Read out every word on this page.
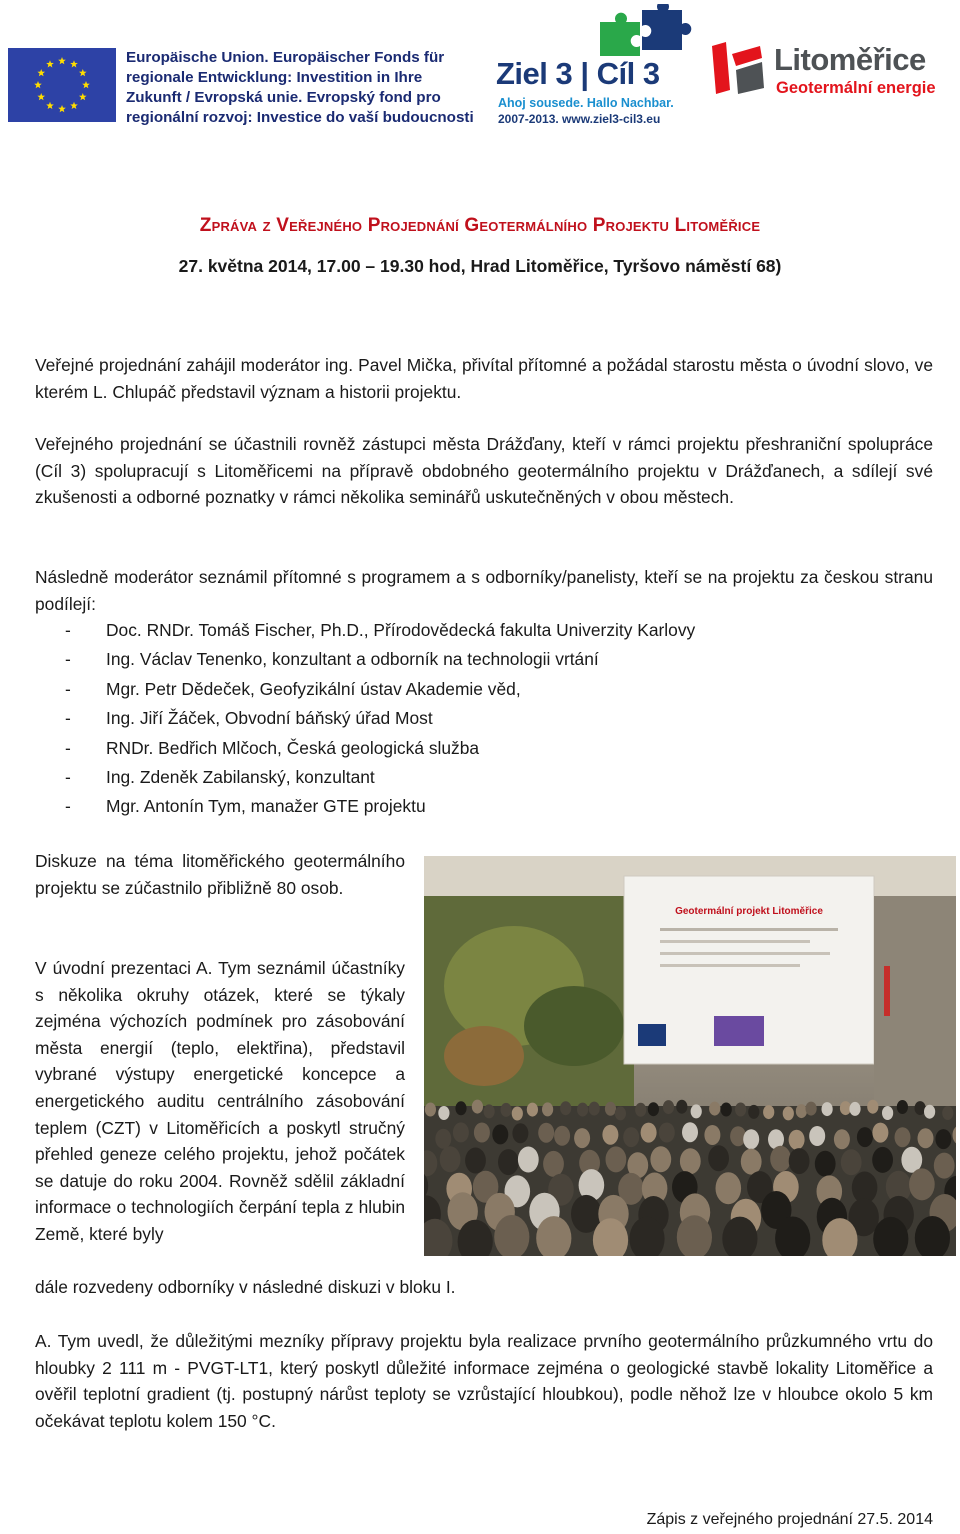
Europäische Union. Europäischer Fonds für
regionale Entwicklung: Investition in Ihre
Zukunft / Evropská unie. Evropský fond pro
regionální rozvoj: Investice do vaší budoucnosti
Ziel 3 | Cíl 3
Ahoj sousede. Hallo Nachbar.
2007-2013. www.ziel3-cil3.eu
Litoměřice
Geotermální energie
Zpráva z Veřejného Projednání Geotermálního Projektu Litoměřice
27. května 2014, 17.00 – 19.30 hod, Hrad Litoměřice, Tyršovo náměstí 68)
Veřejné projednání zahájil moderátor ing. Pavel Mička, přivítal přítomné a požádal starostu města o úvodní slovo, ve kterém L. Chlupáč představil význam a historii projektu.
Veřejného projednání se účastnili rovněž zástupci města Drážďany, kteří v rámci projektu přeshraniční spolupráce (Cíl 3) spolupracují s Litoměřicemi na přípravě obdobného geotermálního projektu v Drážďanech, a sdílejí své zkušenosti a odborné poznatky v rámci několika seminářů uskutečněných v obou městech.
Následně moderátor seznámil přítomné s programem a s odborníky/panelisty, kteří se na projektu za českou stranu podílejí:
- Doc. RNDr. Tomáš Fischer, Ph.D., Přírodovědecká fakulta Univerzity Karlovy
- Ing. Václav Tenenko, konzultant a odborník na technologii vrtání
- Mgr. Petr Dědeček, Geofyzikální ústav Akademie věd,
- Ing. Jiří Žáček, Obvodní báňský úřad Most
- RNDr. Bedřich Mlčoch, Česká geologická služba
- Ing. Zdeněk Zabilanský, konzultant
- Mgr. Antonín Tym, manažer GTE projektu
Diskuze na téma litoměřického geotermálního projektu se zúčastnilo přibližně 80 osob.
V úvodní prezentaci A. Tym seznámil účastníky s několika okruhy otázek, které se týkaly zejména výchozích podmínek pro zásobování města energií (teplo, elektřina), představil vybrané výstupy energetické koncepce a energetického auditu centrálního zásobování teplem (CZT) v Litoměřicích a poskytl stručný přehled geneze celého projektu, jehož počátek se datuje do roku 2004. Rovněž sdělil základní informace o technologiích čerpání tepla z hlubin Země, které byly
dále rozvedeny odborníky v následné diskuzi v bloku I.
Geotermální projekt Litoměřice
A. Tym uvedl, že důležitými mezníky přípravy projektu byla realizace prvního geotermálního průzkumného vrtu do hloubky 2 111 m - PVGT-LT1, který poskytl důležité informace zejména o geologické stavbě lokality Litoměřice a ověřil teplotní gradient (tj. postupný nárůst teploty se vzrůstající hloubkou), podle něhož lze v hloubce okolo 5 km očekávat teplotu kolem 150 °C.
Zápis z veřejného projednání 27.5. 2014
